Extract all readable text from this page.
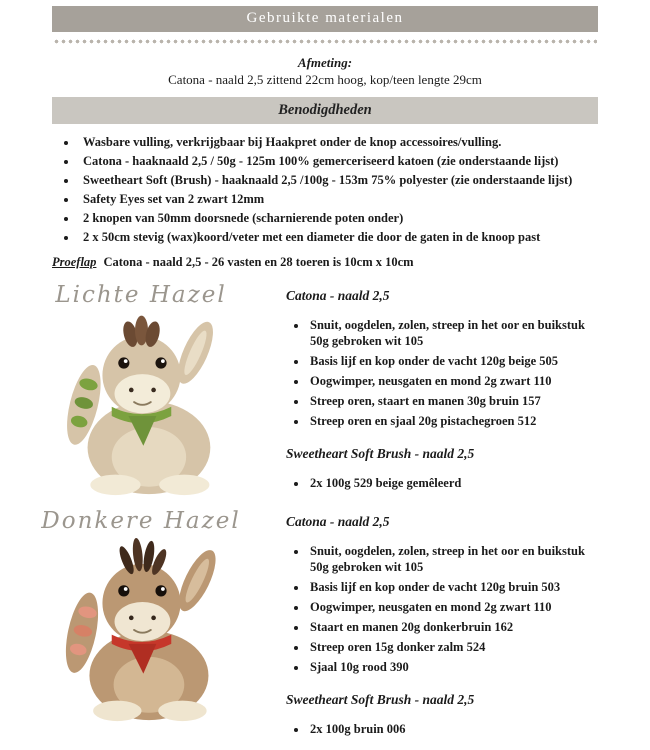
Gebruikte materialen
Afmeting:
Catona - naald 2,5 zittend 22cm hoog, kop/teen lengte 29cm
Benodigdheden
• Wasbare vulling, verkrijgbaar bij Haakpret onder de knop accessoires/vulling.
• Catona - haaknaald 2,5 / 50g - 125m 100% gemerceriseerd katoen (zie onderstaande lijst)
• Sweetheart Soft (Brush) - haaknaald 2,5 /100g - 153m 75% polyester (zie onderstaande lijst)
• Safety Eyes set van 2 zwart 12mm
• 2 knopen van 50mm doorsnede (scharnierende poten onder)
• 2 x 50cm stevig (wax)koord/veter met een diameter die door de gaten in de knoop past
Proeflap Catona - naald 2,5 - 26 vasten en 28 toeren is 10cm x 10cm
Lichte Hazel	Catona - naald 2,5
• Snuit, oogdelen, zolen, streep in het oor en buikstuk 50g gebroken wit 105
• Basis lijf en kop onder de vacht 120g beige 505
• Oogwimper, neusgaten en mond 2g zwart 110
• Streep oren, staart en manen 30g bruin 157
• Streep oren en sjaal 20g pistachegroen 512
Sweetheart Soft Brush - naald 2,5
• 2x 100g 529 beige gemêleerd
Donkere Hazel	Catona - naald 2,5
• Snuit, oogdelen, zolen, streep in het oor en buikstuk 50g gebroken wit 105
• Basis lijf en kop onder de vacht 120g bruin 503
• Oogwimper, neusgaten en mond 2g zwart 110
• Staart en manen 20g donkerbruin 162
• Streep oren 15g donker zalm 524
• Sjaal 10g rood 390
Sweetheart Soft Brush - naald 2,5
• 2x 100g bruin 006
